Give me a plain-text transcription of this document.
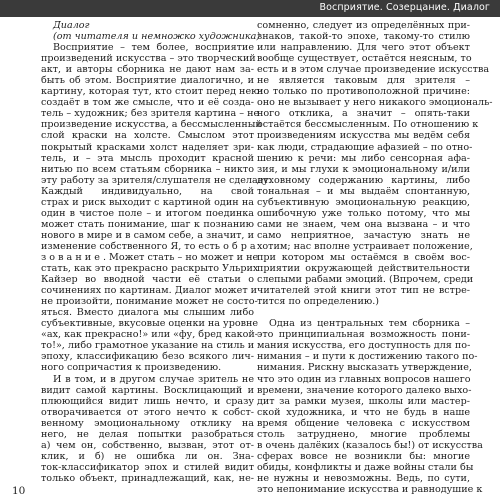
Восприятие. Созерцание. Диалог
Диалог
(от читателя и немножко художника)
Восприятие – тем более, восприятие
произведений искусства – это творческий
акт, и авторы сборника не дают нам за-
быть об этом. Восприятие диалогично, и
картину, которая тут, кто стоит перед нею:
создаёт в том же смысле, что и её созда-
тель – художник; без зрителя картина – не
произведение искусства, а бессмысленный
слой краски на холсте. Смыслом этот
покрытый красками холст наделяет зри-
тель, и – эта мысль проходит красной
нитью по всем статьям сборника – никто
эту работу за зрителя/слушателя не сделает.
Каждый индивидуально, на свой
страх и риск выходит с картиной один на
один в чистое поле – и итогом поединка
может стать понимание, шаг к познанию
нового в мире и в самом себе, а значит, и
изменение собственного Я, то есть о б р а
з о в а н и е . Может стать – но может и не
стать, как это прекрасно раскрыто Ульрих
Кайзер во вводной части её статьи о
сочинениях по картинам. Диалог может и
не произойти, понимание может не состо-
яться. Вместо диалога мы слышим либо
субъективные, вкусовые оценки на уровне
«ах, как прекрасно!» или «фу, бред какой-
то!», либо грамотное указание на стиль и
эпоху, классификацию безо всякого лич-
ного сопричастия к произведению.
И в том, и в другом случае зритель не
видит самой картины. Восклицающий и
плюющийся видит лишь нечто, и сразу
отворачивается от этого нечто к собст-
венному эмоциональному отклику на
него, не делая попытки разобраться
а) чем он, собственно, вызван, этот от-
клик, и б) не ошибка ли он. Зна-
ток-классификатор эпох и стилей видит
только объект, принадлежащий, как, не-
сомненно, следует из определённых при-
знаков, такой-то эпохе, такому-то стилю
или направлению. Для чего этот объект
вообще существует, остаётся неясным, то
есть и в этом случае произведение искусства
не является таковым для зрителя –
но только по противоположной причине:
оно не вызывает у него никакого эмоциональ-
ного отклика, а значит – опять-таки
остаётся бессмысленным. По отношению к
произведениям искусства мы ведём себя
как люди, страдающие афазией – по отно-
шению к речи: мы либо сенсорная афа-
зия, и мы глухи к эмоциональному и/или
духовному содержанию картины, либо
тональная – и мы выдаём спонтанную,
субъективную эмоциональную реакцию,
ошибочную уже только потому, что мы
сами не знаем, чем она вызвана – и что
само неприятное, зачастую знать не
хотим; нас вполне устраивает положение,
при котором мы остаёмся в своём вос-
приятии окружающей действительности
слепыми рабами эмоций. (Впрочем, среди
читателей этой книги этот тип не встре-
тится по определению.)
Одна из центральных тем сборника –
это принципиальная возможность пони-
мания искусства, его доступность для по-
нимания – и пути к достижению такого по-
нимания. Рискну высказать утверждение,
что это один из главных вопросов нашего
времени, значение которого далеко выхо-
дит за рамки музея, школы или мастер-
ской художника, и что не будь в наше
время общение человека с искусством
столь затруднено, многие проблемы
в очень далёких (казалось бы!) от искусства
сферах вовсе не возникли бы: многие
обиды, конфликты и даже войны стали бы
не нужны и невозможны. Ведь, по сути,
это непонимание искусства и равнодушие к
10
